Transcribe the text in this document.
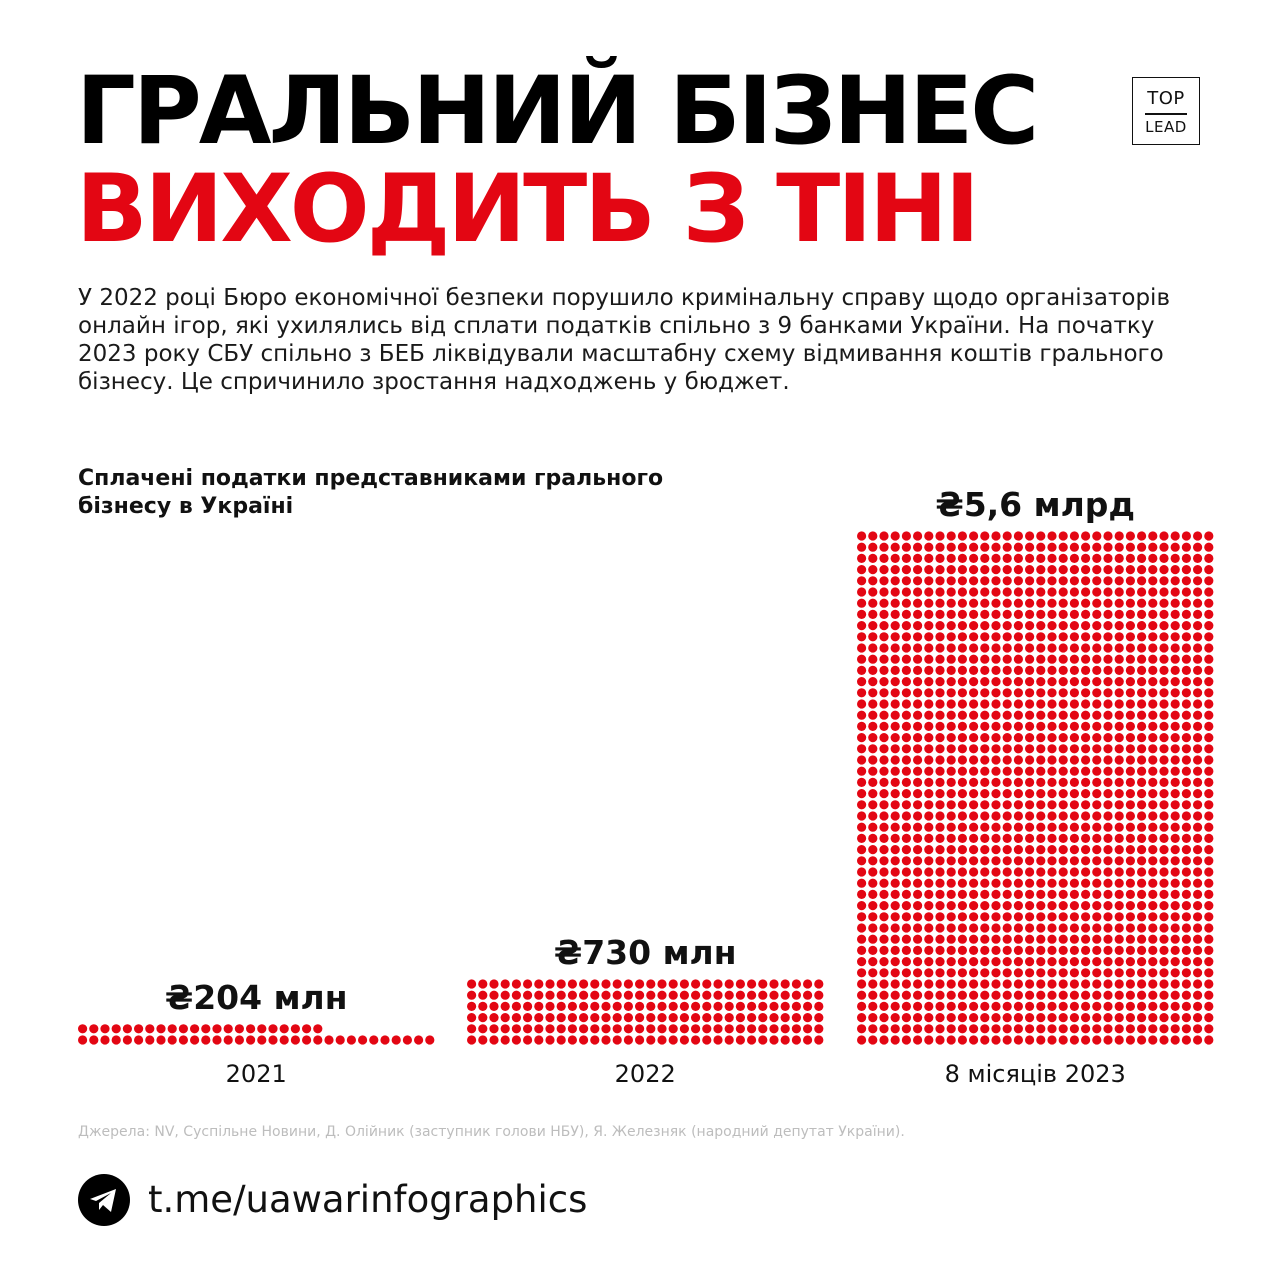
ГРАЛЬНИЙ БІЗНЕС
ВИХОДИТЬ З ТІНІ
TOP
LEAD

У 2022 році Бюро економічної безпеки порушило кримінальну справу щодо організаторів онлайн ігор, які ухилялись від сплати податків спільно з 9 банками України. На початку 2023 року СБУ спільно з БЕБ ліквідували масштабну схему відмивання коштів грального бізнесу. Це спричинило зростання надходжень у бюджет.

Сплачені податки представниками грального бізнесу в Україні

₴204 млн
2021
₴730 млн
2022
₴5,6 млрд
8 місяців 2023

Джерела: NV, Суспільне Новини, Д. Олійник (заступник голови НБУ), Я. Железняк (народний депутат України).

t.me/uawarinfographics
